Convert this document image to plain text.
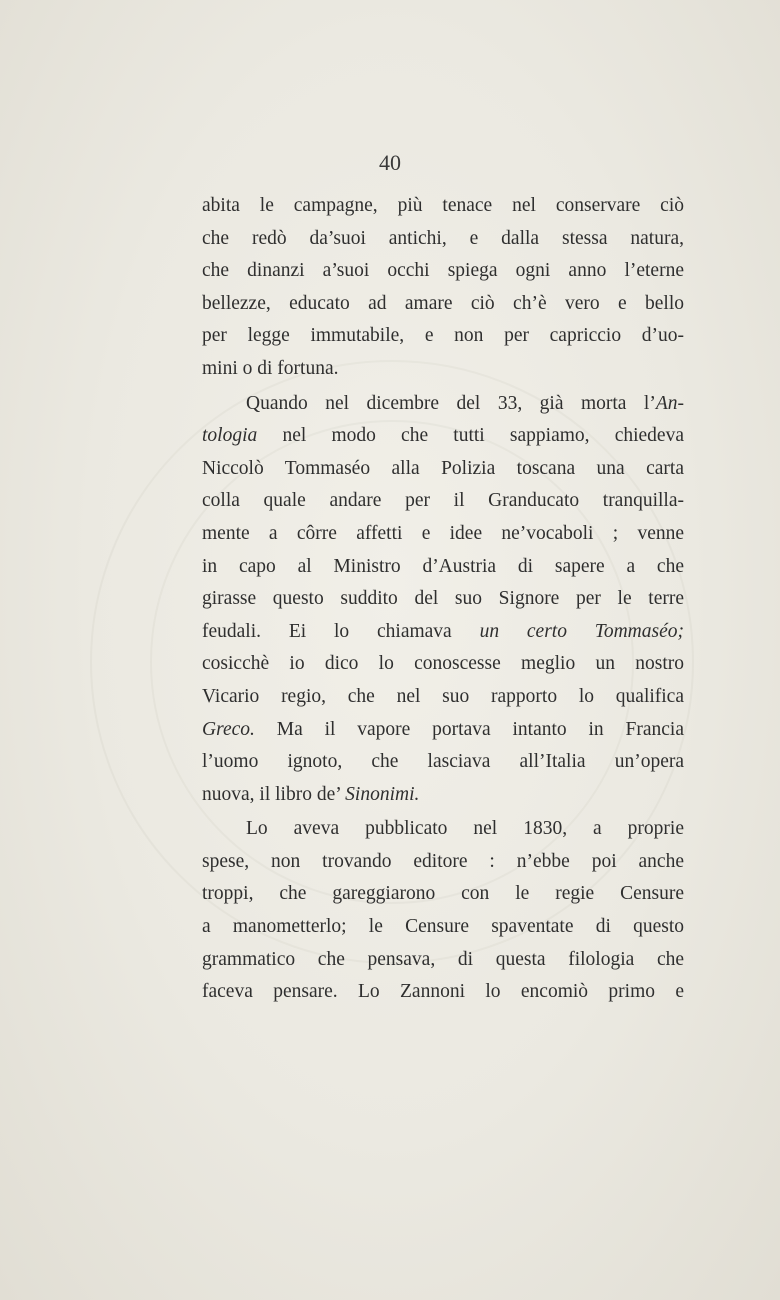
40
abita le campagne, più tenace nel conservare ciò
che redò da’suoi antichi, e dalla stessa natura,
che dinanzi a’suoi occhi spiega ogni anno l’eterne
bellezze, educato ad amare ciò ch’è vero e bello
per legge immutabile, e non per capriccio d’uo-
mini o di fortuna.
Quando nel dicembre del 33, già morta l’An-
tologia nel modo che tutti sappiamo, chiedeva
Niccolò Tommaséo alla Polizia toscana una carta
colla quale andare per il Granducato tranquilla-
mente a côrre affetti e idee ne’vocaboli ; venne
in capo al Ministro d’Austria di sapere a che
girasse questo suddito del suo Signore per le terre
feudali. Ei lo chiamava un certo Tommaséo;
cosicchè io dico lo conoscesse meglio un nostro
Vicario regio, che nel suo rapporto lo qualifica
Greco. Ma il vapore portava intanto in Francia
l’uomo ignoto, che lasciava all’Italia un’opera
nuova, il libro de’ Sinonimi.
Lo aveva pubblicato nel 1830, a proprie
spese, non trovando editore : n’ebbe poi anche
troppi, che gareggiarono con le regie Censure
a manometterlo; le Censure spaventate di questo
grammatico che pensava, di questa filologia che
faceva pensare. Lo Zannoni lo encomiò primo e
